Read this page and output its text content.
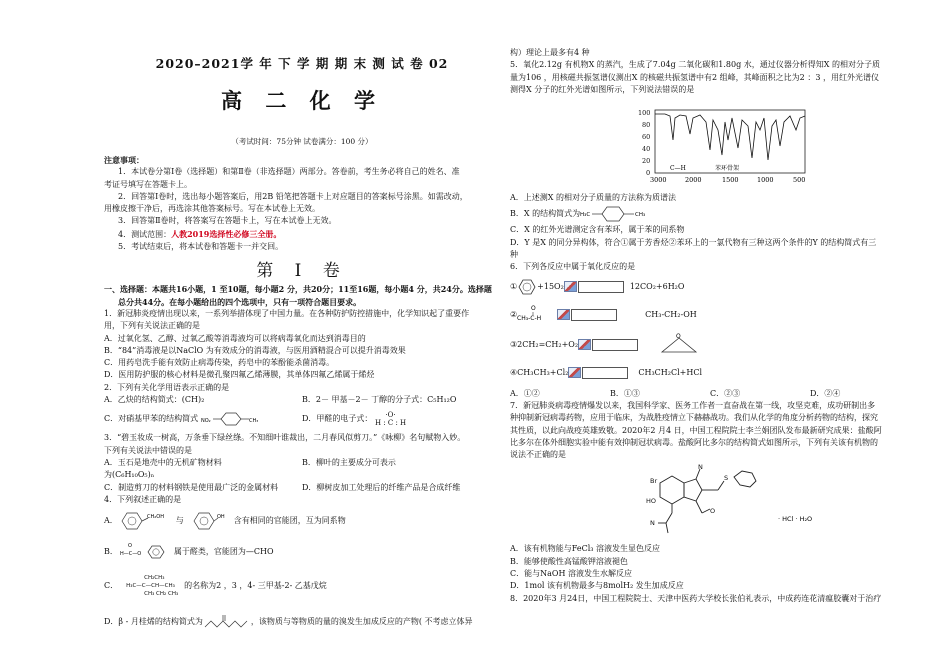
2020–2021学 年 下 学 期 期 末 测 试 卷 02

高 二 化 学

（考试时间：75分钟 试卷满分：100 分）

注意事项：

1．本试卷分第Ⅰ卷（选择题）和第Ⅱ卷（非选择题）两部分。答卷前，考生务必将自己的姓名、准

考证号填写在答题卡上。

2．回答第Ⅰ卷时，选出每小题答案后，用2B 铅笔把答题卡上对应题目的答案标号涂黑。如需改动，

用橡皮擦干净后，再选涂其他答案标号。写在本试卷上无效。

3．回答第Ⅱ卷时，将答案写在答题卡上，写在本试卷上无效。

4．测试范围：人教2019选择性必修三全册。

5．考试结束后，将本试卷和答题卡一并交回。

第 Ⅰ 卷

一、选择题：本题共16小题，1 至10题，每小题2 分，共20分；11至16题，每小题4 分，共24分。选择题

总分共44分。在每小题给出的四个选项中，只有一项符合题目要求。

1．新冠肺炎疫情出现以来，一系列举措体现了中国力量。在各种防护防控措施中，化学知识起了重要作

用，下列有关说法正确的是

A．过氧化氢、乙醇、过氧乙酸等消毒液均可以将病毒氧化而达到消毒目的

B．“84”消毒液是以NaClO 为有效成分的消毒液，与医用酒精混合可以提升消毒效果

C．用药皂洗手能有效防止病毒传染，药皂中的苯酚能杀菌消毒。

D．医用防护服的核心材料是微孔聚四氟乙烯薄膜，其单体四氟乙烯属于烯烃

2．下列有关化学用语表示正确的是

A．乙炔的结构简式：(CH)₂	B．2－ 甲基－2－ 丁醇的分子式：C₅H₁₂O
C．对硝基甲苯的结构简式 NO₂	CH₃	D．甲醛的电子式：	·O·
H : C : H

3．“碧玉妆成一树高，万条垂下绿丝绦。不知细叶谁裁出，二月春风似剪刀。”《咏柳》名句赋物入妙。

下列有关说法中错误的是

A．玉石是地壳中的无机矿物材料	B．柳叶的主要成分可表示

为(C₆H₁₀O₅)ₙ

C．制造剪刀的材料钢铁是使用最广泛的金属材料	D．柳树皮加工处理后的纤维产品是合成纤维

4．下列叙述正确的是

A．	CH₂OH 与	OH 含有相同的官能团，互为同系物
B． H—C—O
O
属于醛类，官能团为—CHO
C．
CH₂CH₃
H₃C—C—CH—CH₃
CH₃ CH₂ CH₃
的名称为2 ，3 ，4- 三甲基-2- 乙基戊烷
D．β - 月桂烯的结构简式为	，该物质与等物质的量的溴发生加成反应的产物( 不考虑立体异

构）理论上最多有4 种

5．氧化2.12g 有机物X 的蒸汽，生成了7.04g 二氧化碳和1.80g 水，通过仪器分析得知X 的相对分子质

量为106 ，用核磁共振氢谱仪测出X 的核磁共振氢谱中有2 组峰，其峰面积之比为2 ：3 ，用红外光谱仪

测得X 分子的红外光谱如图所示，下列说法错误的是

100
80
60
40
20
0
C—H	苯环骨架
3000	2000	1500	1000	500

A．上述测X 的相对分子质量的方法称为质谱法

B．X 的结构简式为 H₃C	CH₃

C．X 的红外光谱测定含有苯环，属于苯的同系物

D．Y 是X 的同分异构体，符合①属于芳香烃②苯环上的一氯代物有三种这两个条件的Y 的结构简式有三

种

6．下列各反应中属于氧化反应的是

①	+15O₂	12CO₂+6H₂O
② CH₃-C-H
O
CH₃-CH₂-OH
③2CH₂=CH₂+O₂
O
④CH₃CH₃+Cl₂	CH₃CH₂Cl+HCl
A．①②	B．①③	C．②③	D．②④

7．新冠肺炎病毒疫情爆发以来，我国科学家、医务工作者一直奋战在第一线，攻坚克难，成功研制出多

种抑制新冠病毒药物，应用于临床，为战胜疫情立下赫赫战功。我们从化学的角度分析药物的结构，探究

其性质，以此向战疫英雄致敬。2020年2 月4 日，中国工程院院士李兰娟团队发布最新研究成果：盐酸阿

比多尔在体外细胞实验中能有效抑制冠状病毒。盐酸阿比多尔的结构简式如图所示，下列有关该有机物的

说法不正确的是

Br
HO
N
S
O
N	· HCl · H₂O

A．该有机物能与FeCl₃ 溶液发生显色反应

B．能够使酸性高锰酸钾溶液褪色

C．能与NaOH 溶液发生水解反应

D．1mol 该有机物最多与8molH₂ 发生加成反应

8．2020年3 月24日，中国工程院院士、天津中医药大学校长张伯礼表示，中成药连花清瘟胶囊对于治疗
